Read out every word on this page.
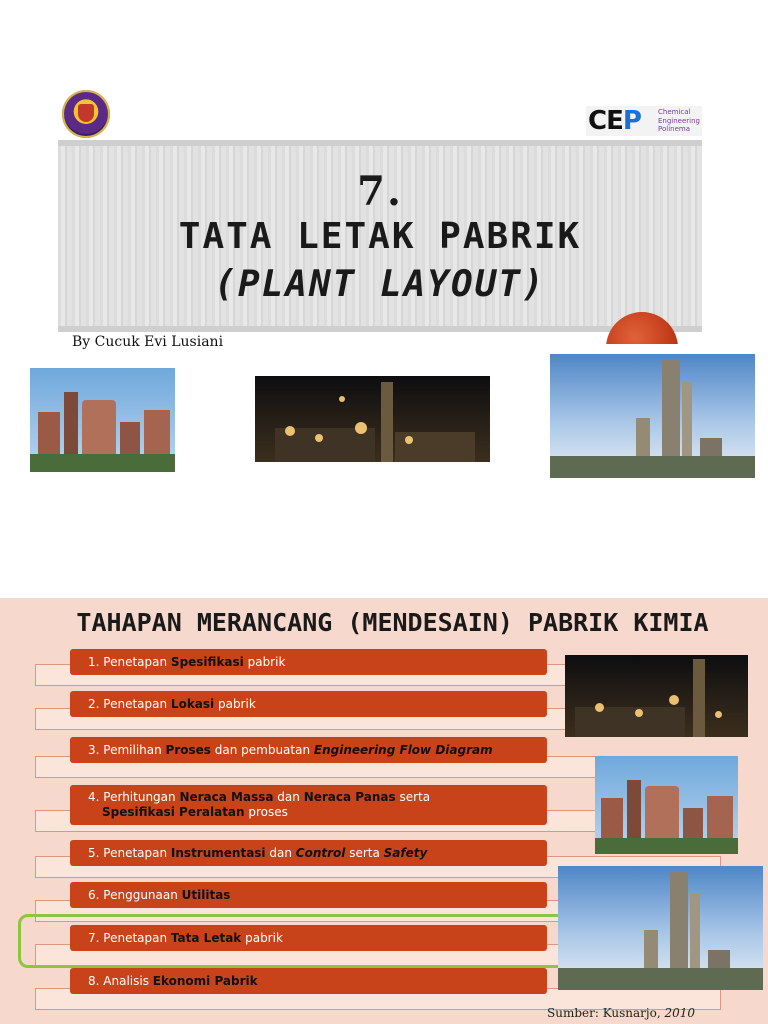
CEP Chemical
Engineering
Polinema
7.
TATA LETAK PABRIK
(PLANT LAYOUT)
By Cucuk Evi Lusiani
TAHAPAN MERANCANG (MENDESAIN) PABRIK KIMIA
1. Penetapan Spesifikasi pabrik
2. Penetapan Lokasi pabrik
3. Pemilihan Proses dan pembuatan Engineering Flow Diagram
4. Perhitungan Neraca Massa dan Neraca Panas serta
Spesifikasi Peralatan proses
5. Penetapan Instrumentasi dan Control serta Safety
6. Penggunaan Utilitas
7. Penetapan Tata Letak pabrik
8. Analisis Ekonomi Pabrik
Sumber: Kusnarjo, 2010
